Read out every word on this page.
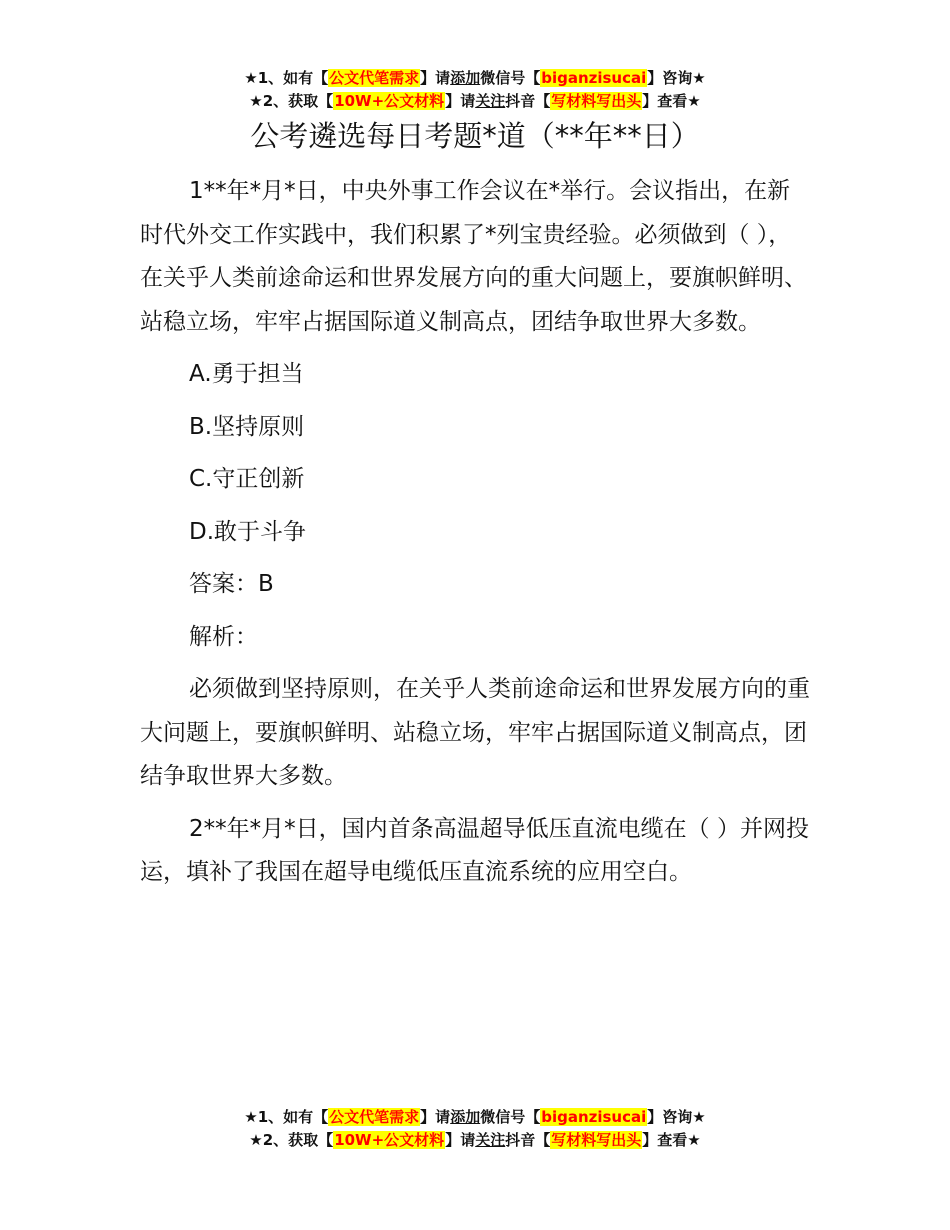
★1、如有【公文代笔需求】请添加微信号【biganzisucai】咨询★
★2、获取【10W+公文材料】请关注抖音【写材料写出头】查看★
公考遴选每日考题*道（**年**日）

1**年*月*日，中央外事工作会议在*举行。会议指出，在新时代外交工作实践中，我们积累了*列宝贵经验。必须做到（ ），在关乎人类前途命运和世界发展方向的重大问题上，要旗帜鲜明、站稳立场，牢牢占据国际道义制高点，团结争取世界大多数。

A.勇于担当

B.坚持原则

C.守正创新

D.敢于斗争

答案：B

解析：

必须做到坚持原则，在关乎人类前途命运和世界发展方向的重大问题上，要旗帜鲜明、站稳立场，牢牢占据国际道义制高点，团结争取世界大多数。

2**年*月*日，国内首条高温超导低压直流电缆在（ ）并网投运，填补了我国在超导电缆低压直流系统的应用空白。

★1、如有【公文代笔需求】请添加微信号【biganzisucai】咨询★
★2、获取【10W+公文材料】请关注抖音【写材料写出头】查看★
